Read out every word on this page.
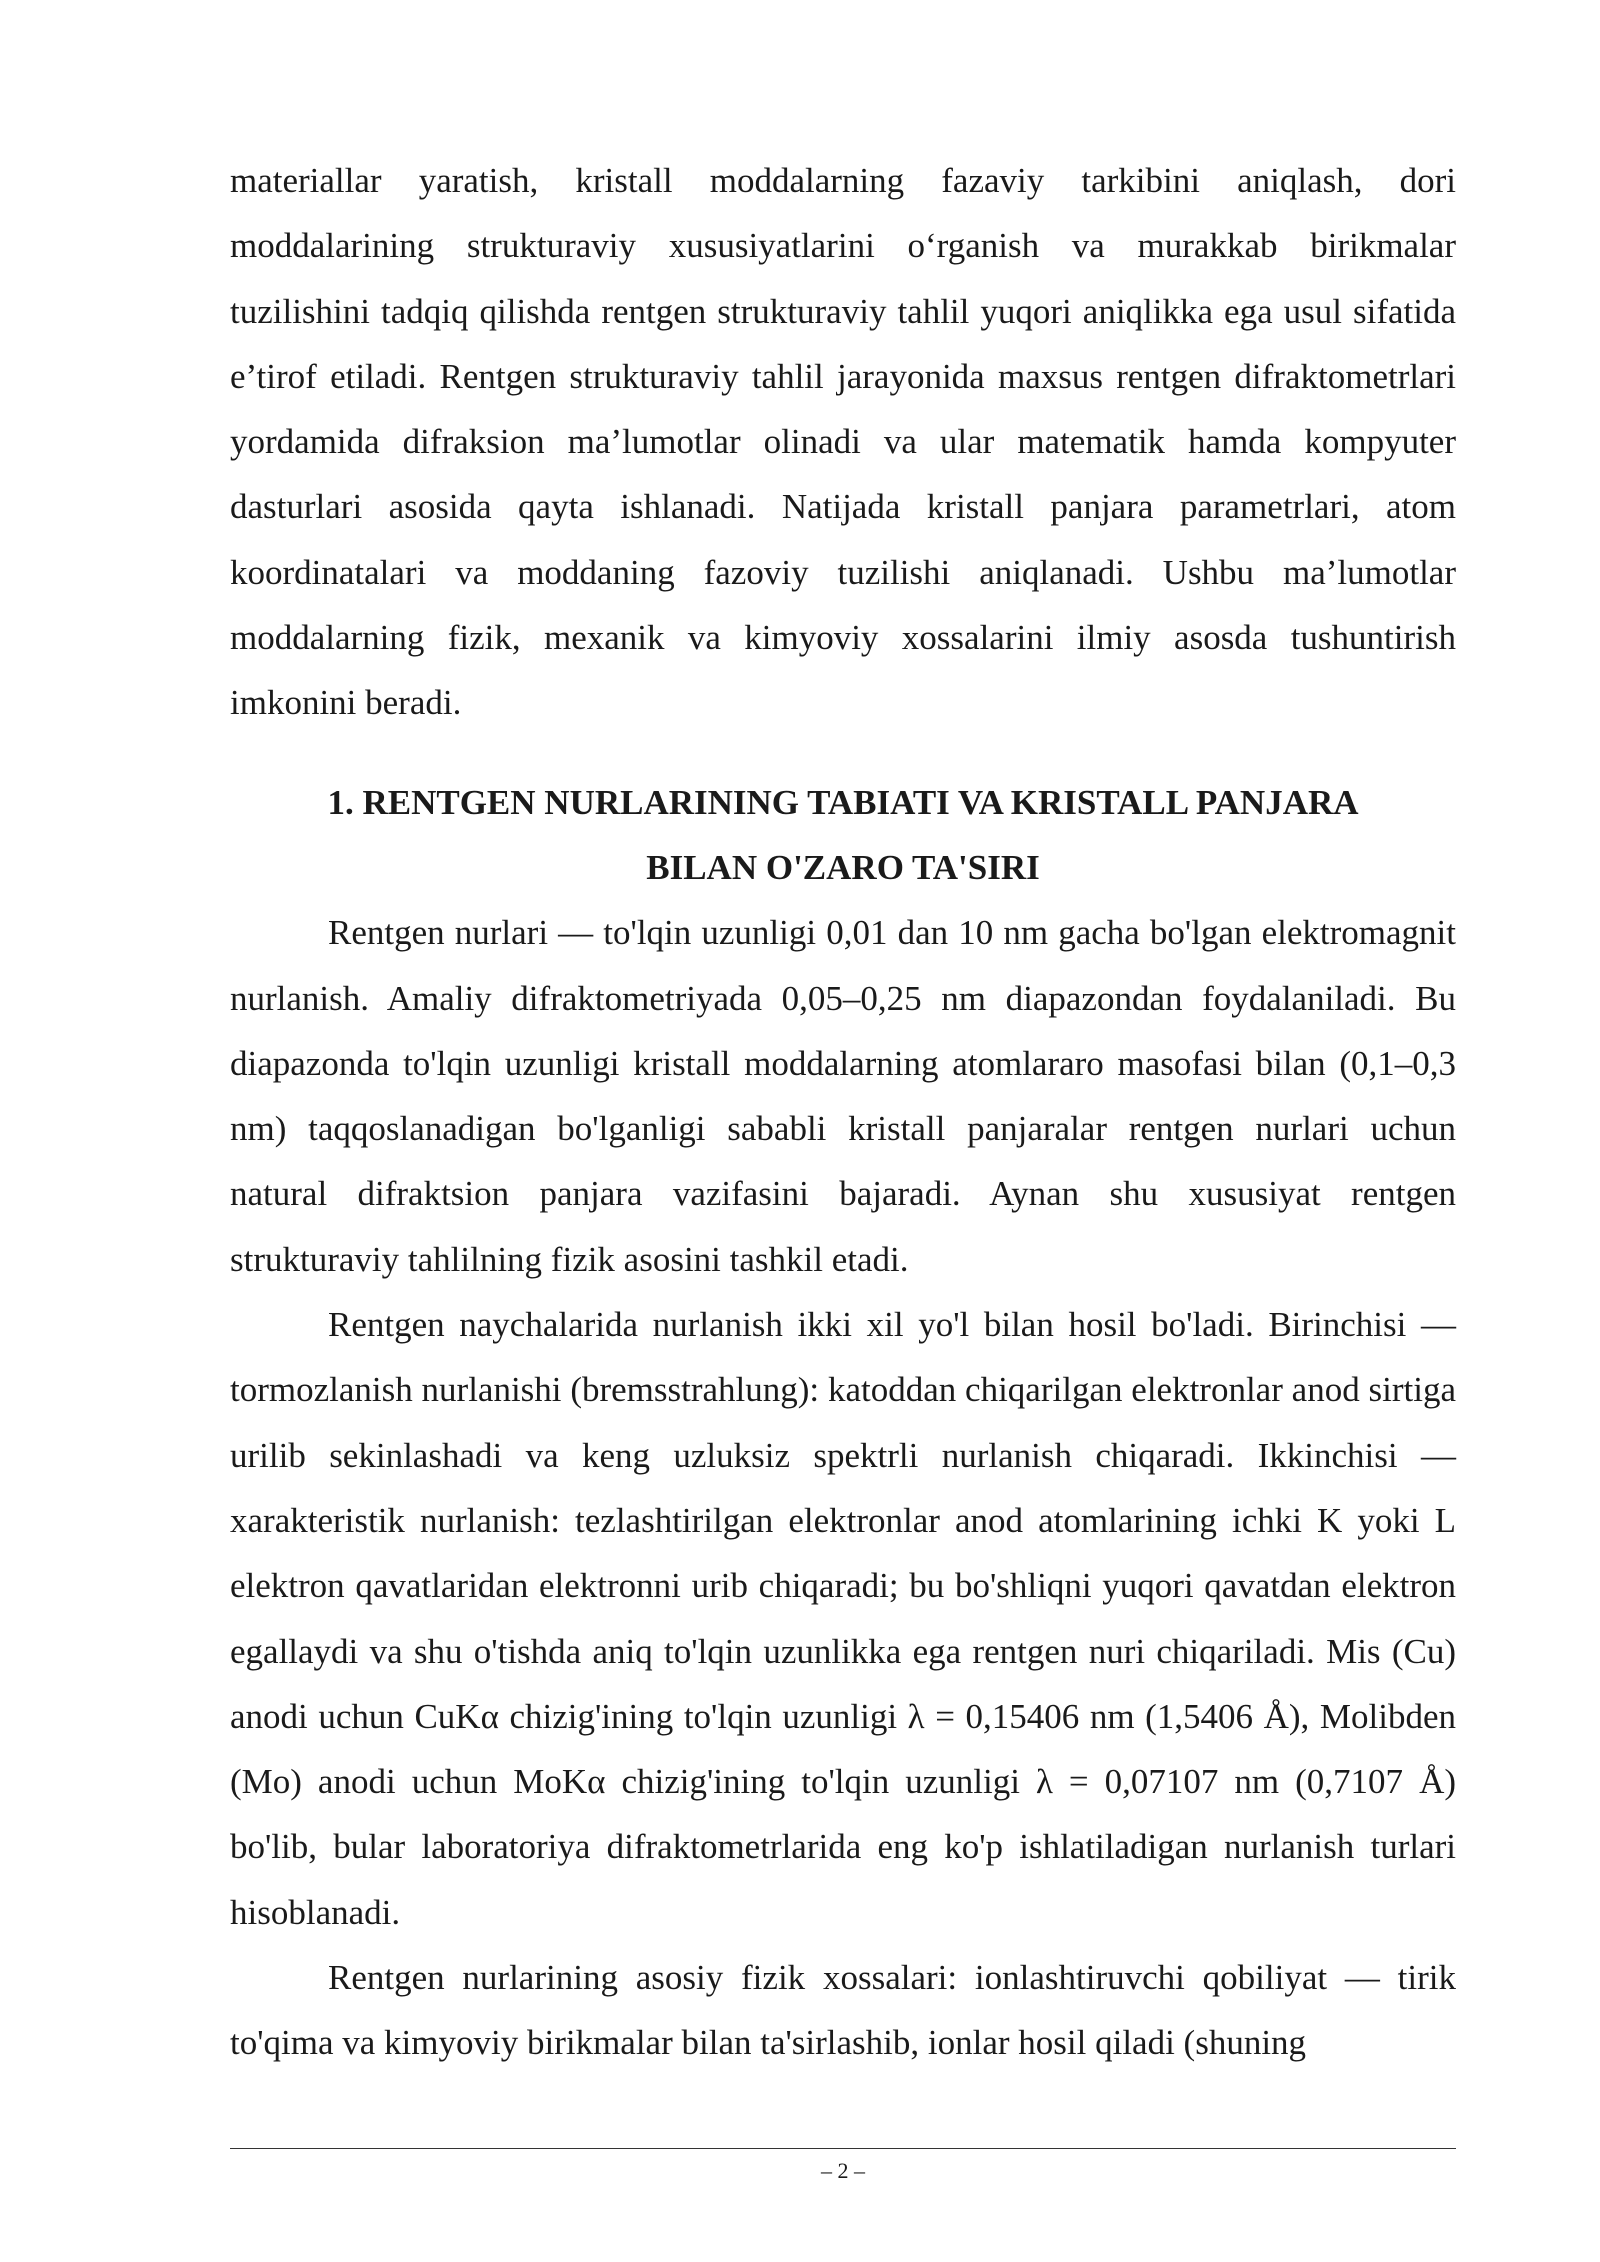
materiallar yaratish, kristall moddalarning fazaviy tarkibini aniqlash, dori moddalarining strukturaviy xususiyatlarini o‘rganish va murakkab birikmalar tuzilishini tadqiq qilishda rentgen strukturaviy tahlil yuqori aniqlikka ega usul sifatida e’tirof etiladi. Rentgen strukturaviy tahlil jarayonida maxsus rentgen difraktometrlari yordamida difraksion ma’lumotlar olinadi va ular matematik hamda kompyuter dasturlari asosida qayta ishlanadi. Natijada kristall panjara parametrlari, atom koordinatalari va moddaning fazoviy tuzilishi aniqlanadi. Ushbu ma’lumotlar moddalarning fizik, mexanik va kimyoviy xossalarini ilmiy asosda tushuntirish imkonini beradi.

1. RENTGEN NURLARINING TABIATI VA KRISTALL PANJARA
BILAN O'ZARO TA'SIRI

Rentgen nurlari — to'lqin uzunligi 0,01 dan 10 nm gacha bo'lgan elektromagnit nurlanish. Amaliy difraktometriyada 0,05–0,25 nm diapazondan foydalaniladi. Bu diapazonda to'lqin uzunligi kristall moddalarning atomlararo masofasi bilan (0,1–0,3 nm) taqqoslanadigan bo'lganligi sababli kristall panjaralar rentgen nurlari uchun natural difraktsion panjara vazifasini bajaradi. Aynan shu xususiyat rentgen strukturaviy tahlilning fizik asosini tashkil etadi.

Rentgen naychalarida nurlanish ikki xil yo'l bilan hosil bo'ladi. Birinchisi — tormozlanish nurlanishi (bremsstrahlung): katoddan chiqarilgan elektronlar anod sirtiga urilib sekinlashadi va keng uzluksiz spektrli nurlanish chiqaradi. Ikkinchisi — xarakteristik nurlanish: tezlashtirilgan elektronlar anod atomlarining ichki K yoki L elektron qavatlaridan elektronni urib chiqaradi; bu bo'shliqni yuqori qavatdan elektron egallaydi va shu o'tishda aniq to'lqin uzunlikka ega rentgen nuri chiqariladi. Mis (Cu) anodi uchun CuKα chizig'ining to'lqin uzunligi λ = 0,15406 nm (1,5406 Å), Molibden (Mo) anodi uchun MoKα chizig'ining to'lqin uzunligi λ = 0,07107 nm (0,7107 Å) bo'lib, bular laboratoriya difraktometrlarida eng ko'p ishlatiladigan nurlanish turlari hisoblanadi.

Rentgen nurlarining asosiy fizik xossalari: ionlashtiruvchi qobiliyat — tirik to'qima va kimyoviy birikmalar bilan ta'sirlashib, ionlar hosil qiladi (shuning

– 2 –
